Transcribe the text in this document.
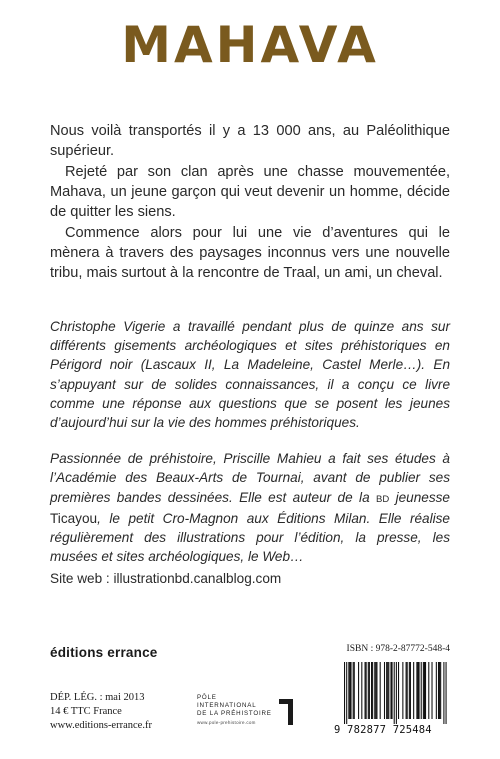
MAHAVA

Nous voilà transportés il y a 13 000 ans, au Paléolithique supérieur.

Rejeté par son clan après une chasse mouvementée, Mahava, un jeune garçon qui veut devenir un homme, décide de quitter les siens.

Commence alors pour lui une vie d’aventures qui le mènera à travers des paysages inconnus vers une nouvelle tribu, mais surtout à la rencontre de Traal, un ami, un cheval.

Christophe Vigerie a travaillé pendant plus de quinze ans sur différents gisements archéologiques et sites préhistoriques en Périgord noir (Lascaux II, La Madeleine, Castel Merle…). En s’appuyant sur de solides connaissances, il a conçu ce livre comme une réponse aux questions que se posent les jeunes d’aujourd’hui sur la vie des hommes préhistoriques.

Passionnée de préhistoire, Priscille Mahieu a fait ses études à l’Académie des Beaux-Arts de Tournai, avant de publier ses premières bandes dessinées. Elle est auteur de la BD jeunesse Ticayou, le petit Cro-Magnon aux Éditions Milan. Elle réalise régulièrement des illustrations pour l’édition, la presse, les musées et sites archéologiques, le Web…

Site web : illustrationbd.canalblog.com
éditions errance
DÉP. LÉG. : mai 2013
14 € TTC France
www.editions-errance.fr
PÔLE
INTERNATIONAL
DE LA PRÉHISTOIRE
www.pole-prehistoire.com
ISBN : 978-2-87772-548-4
9 782877 725484
